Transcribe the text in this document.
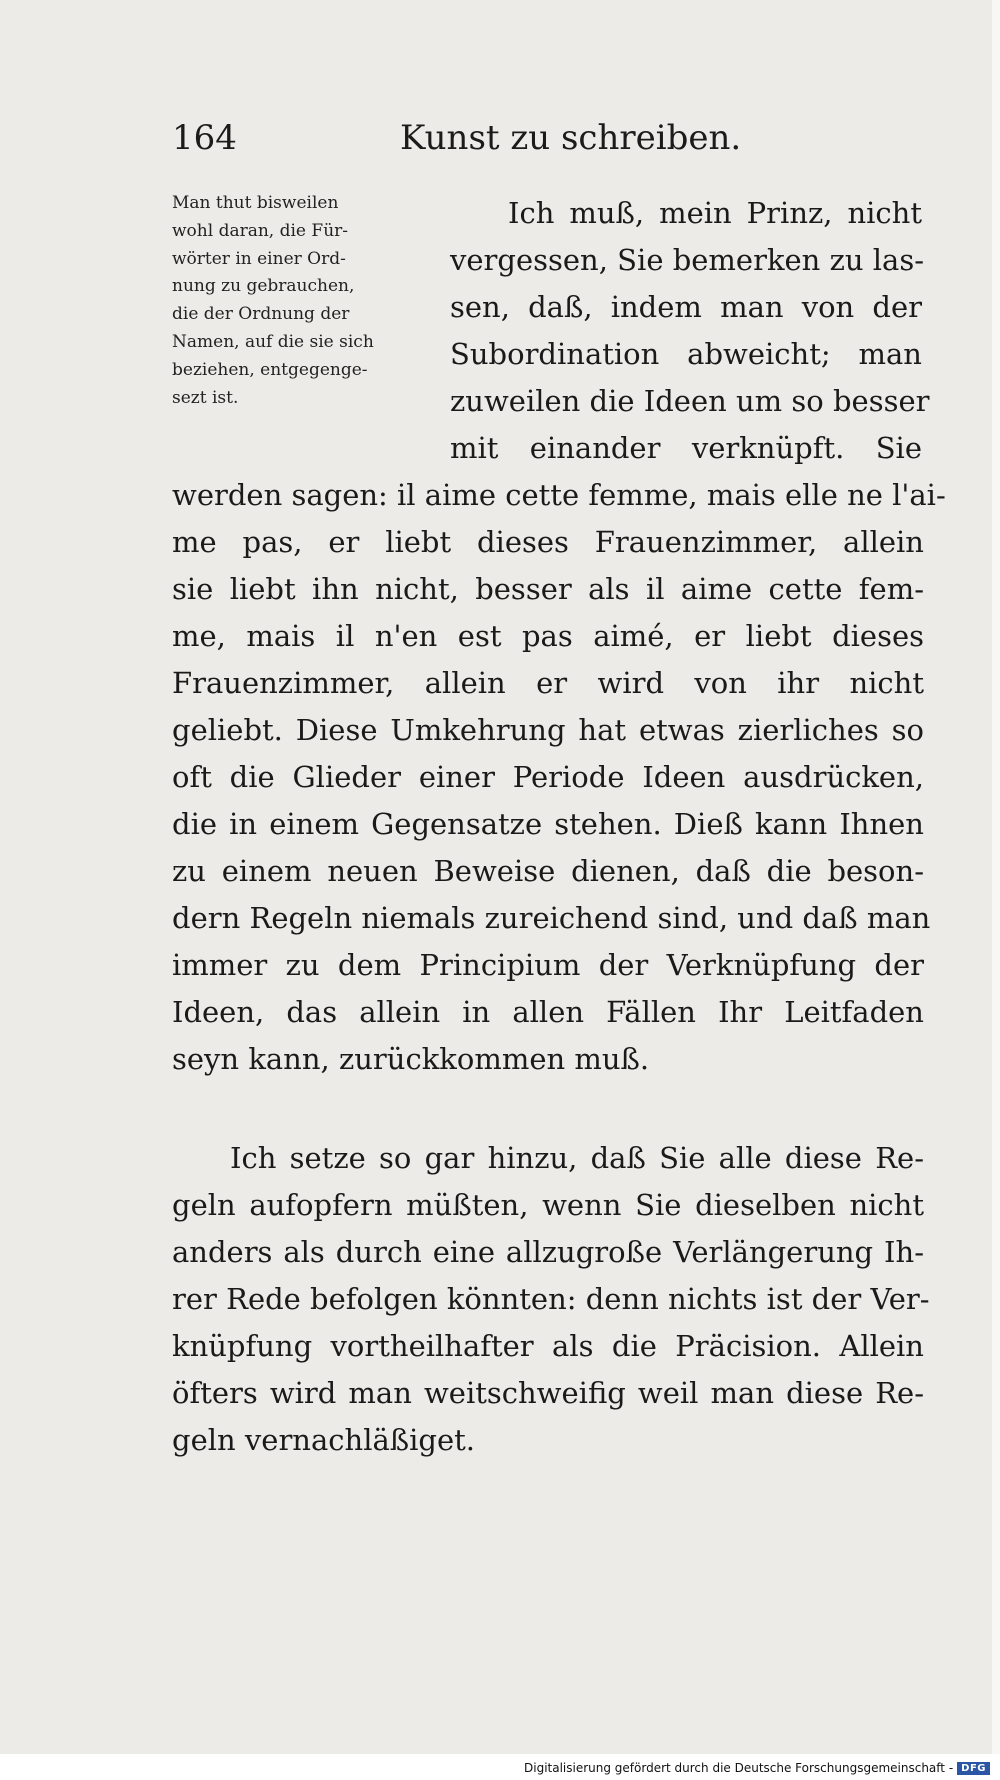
164	Kunst zu schreiben.
Man thut bisweilen
wohl daran, die Für-
wörter in einer Ord-
nung zu gebrauchen,
die der Ordnung der
Namen, auf die sie sich
beziehen, entgegenge-
sezt ist.
Ich muß, mein Prinz, nicht
vergessen, Sie bemerken zu las-
sen, daß, indem man von der
Subordination abweicht; man
zuweilen die Ideen um so besser
mit einander verknüpft. Sie
werden sagen: il aime cette femme, mais elle ne l'ai-
me pas, er liebt dieses Frauenzimmer, allein
sie liebt ihn nicht, besser als il aime cette fem-
me, mais il n'en est pas aimé, er liebt dieses
Frauenzimmer, allein er wird von ihr nicht
geliebt. Diese Umkehrung hat etwas zierliches so
oft die Glieder einer Periode Ideen ausdrücken,
die in einem Gegensatze stehen. Dieß kann Ihnen
zu einem neuen Beweise dienen, daß die beson-
dern Regeln niemals zureichend sind, und daß man
immer zu dem Principium der Verknüpfung der
Ideen, das allein in allen Fällen Ihr Leitfaden
seyn kann, zurückkommen muß.
Ich setze so gar hinzu, daß Sie alle diese Re-
geln aufopfern müßten, wenn Sie dieselben nicht
anders als durch eine allzugroße Verlängerung Ih-
rer Rede befolgen könnten: denn nichts ist der Ver-
knüpfung vortheilhafter als die Präcision. Allein
öfters wird man weitschweifig weil man diese Re-
geln vernachläßiget.
Digitalisierung gefördert durch die Deutsche Forschungsgemeinschaft - DFG
